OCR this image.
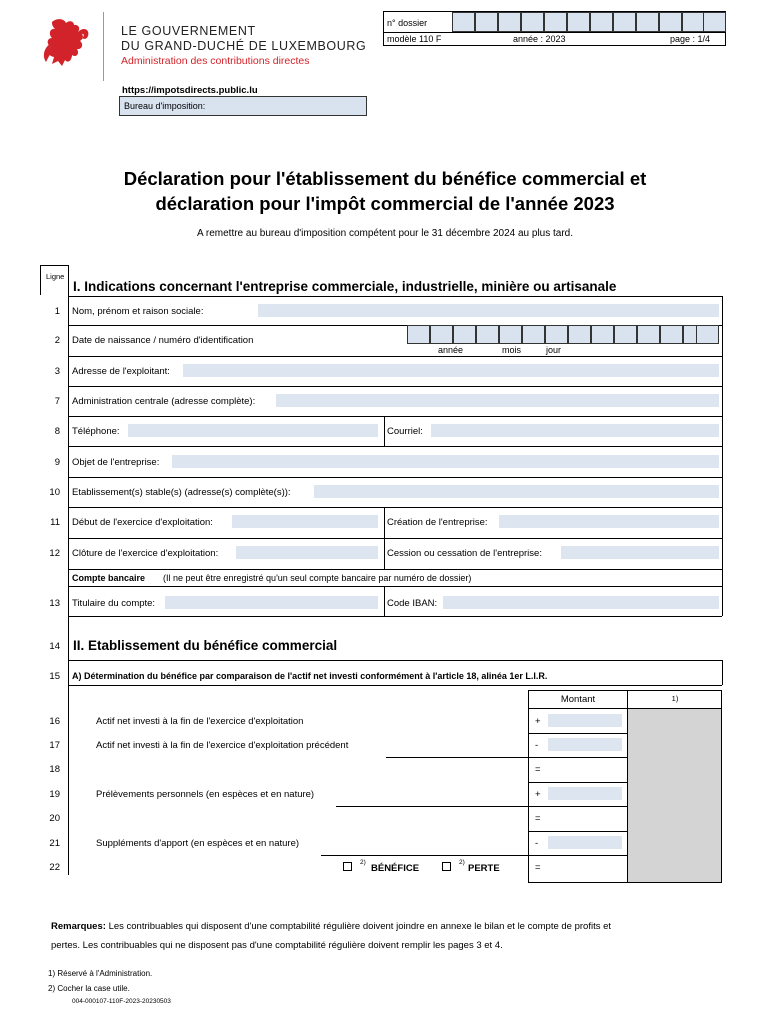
LE GOUVERNEMENT
DU GRAND-DUCHÉ DE LUXEMBOURG
Administration des contributions directes
https://impotsdirects.public.lu
Bureau d'imposition:
n° dossier
modèle 110 F	année : 2023	page : 1/4
Déclaration pour l'établissement du bénéfice commercial et
déclaration pour l'impôt commercial de l'année 2023
A remettre au bureau d'imposition compétent pour le 31 décembre 2024 au plus tard.
Ligne
I. Indications concernant l'entreprise commerciale, industrielle, minière ou artisanale
1 Nom, prénom et raison sociale:
2 Date de naissance / numéro d'identification
année	mois	jour
3 Adresse de l'exploitant:
7 Administration centrale (adresse complète):
8 Téléphone:	Courriel:
9 Objet de l'entreprise:
10 Etablissement(s) stable(s) (adresse(s) complète(s)):
11 Début de l'exercice d'exploitation:	Création de l'entreprise:
12 Clôture de l'exercice d'exploitation:	Cession ou cessation de l'entreprise:
Compte bancaire (Il ne peut être enregistré qu'un seul compte bancaire par numéro de dossier)
13 Titulaire du compte:	Code IBAN:
14 II. Etablissement du bénéfice commercial
15 A) Détermination du bénéfice par comparaison de l'actif net investi conformément à l'article 18, alinéa 1er L.I.R.
Montant	1)
16	Actif net investi à la fin de l'exercice d'exploitation	+
17	Actif net investi à la fin de l'exercice d'exploitation précédent	-
18	=
19	Prélèvements personnels (en espèces et en nature)	+
20	=
21	Suppléments d'apport (en espèces et en nature)	-
22	=
2)
BÉNÉFICE
2)
PERTE
Remarques: Les contribuables qui disposent d'une comptabilité régulière doivent joindre en annexe le bilan et le compte de profits et
pertes. Les contribuables qui ne disposent pas d'une comptabilité régulière doivent remplir les pages 3 et 4.
1) Réservé à l'Administration.
2) Cocher la case utile.
004-000107-110F-2023-20230503
